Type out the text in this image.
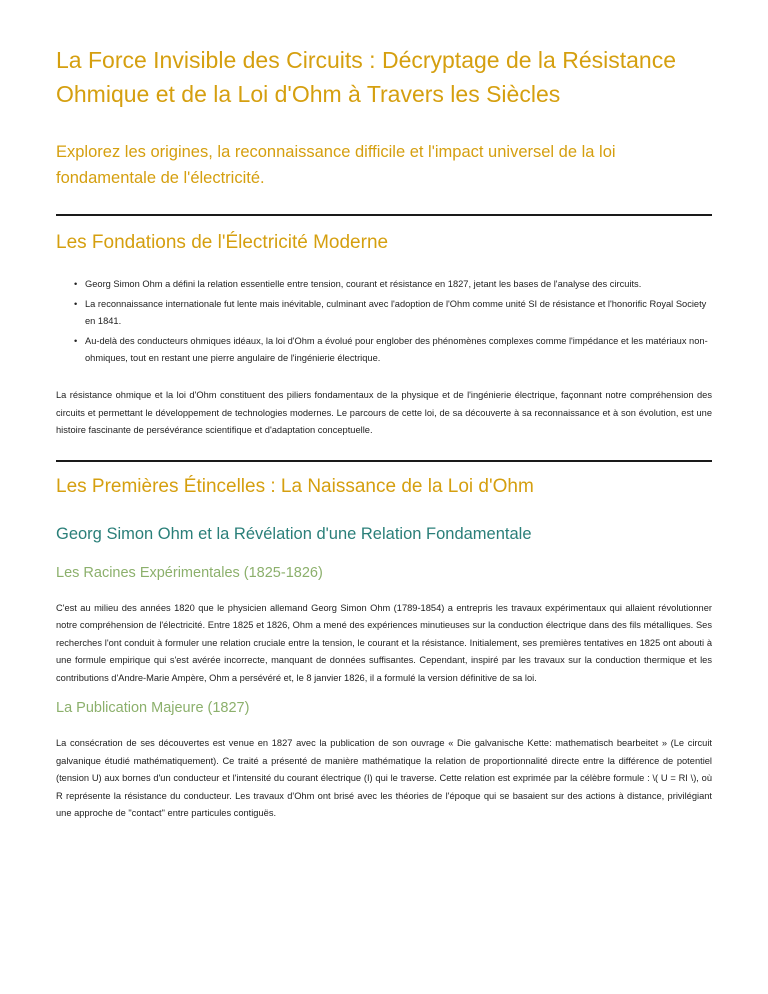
La Force Invisible des Circuits : Décryptage de la Résistance Ohmique et de la Loi d'Ohm à Travers les Siècles

Explorez les origines, la reconnaissance difficile et l'impact universel de la loi fondamentale de l'électricité.

Les Fondations de l'Électricité Moderne
• Georg Simon Ohm a défini la relation essentielle entre tension, courant et résistance en 1827, jetant les bases de l'analyse des circuits.
• La reconnaissance internationale fut lente mais inévitable, culminant avec l'adoption de l'Ohm comme unité SI de résistance et l'honorific Royal Society en 1841.
• Au-delà des conducteurs ohmiques idéaux, la loi d'Ohm a évolué pour englober des phénomènes complexes comme l'impédance et les matériaux non-ohmiques, tout en restant une pierre angulaire de l'ingénierie électrique.

La résistance ohmique et la loi d'Ohm constituent des piliers fondamentaux de la physique et de l'ingénierie électrique, façonnant notre compréhension des circuits et permettant le développement de technologies modernes. Le parcours de cette loi, de sa découverte à sa reconnaissance et à son évolution, est une histoire fascinante de persévérance scientifique et d'adaptation conceptuelle.

Les Premières Étincelles : La Naissance de la Loi d'Ohm
Georg Simon Ohm et la Révélation d'une Relation Fondamentale
Les Racines Expérimentales (1825-1826)

C'est au milieu des années 1820 que le physicien allemand Georg Simon Ohm (1789-1854) a entrepris les travaux expérimentaux qui allaient révolutionner notre compréhension de l'électricité. Entre 1825 et 1826, Ohm a mené des expériences minutieuses sur la conduction électrique dans des fils métalliques. Ses recherches l'ont conduit à formuler une relation cruciale entre la tension, le courant et la résistance. Initialement, ses premières tentatives en 1825 ont abouti à une formule empirique qui s'est avérée incorrecte, manquant de données suffisantes. Cependant, inspiré par les travaux sur la conduction thermique et les contributions d'Andre-Marie Ampère, Ohm a persévéré et, le 8 janvier 1826, il a formulé la version définitive de sa loi.

La Publication Majeure (1827)

La consécration de ses découvertes est venue en 1827 avec la publication de son ouvrage « Die galvanische Kette: mathematisch bearbeitet » (Le circuit galvanique étudié mathématiquement). Ce traité a présenté de manière mathématique la relation de proportionnalité directe entre la différence de potentiel (tension U) aux bornes d'un conducteur et l'intensité du courant électrique (I) qui le traverse. Cette relation est exprimée par la célèbre formule : \( U = RI \), où R représente la résistance du conducteur. Les travaux d'Ohm ont brisé avec les théories de l'époque qui se basaient sur des actions à distance, privilégiant une approche de "contact" entre particules contiguës.
